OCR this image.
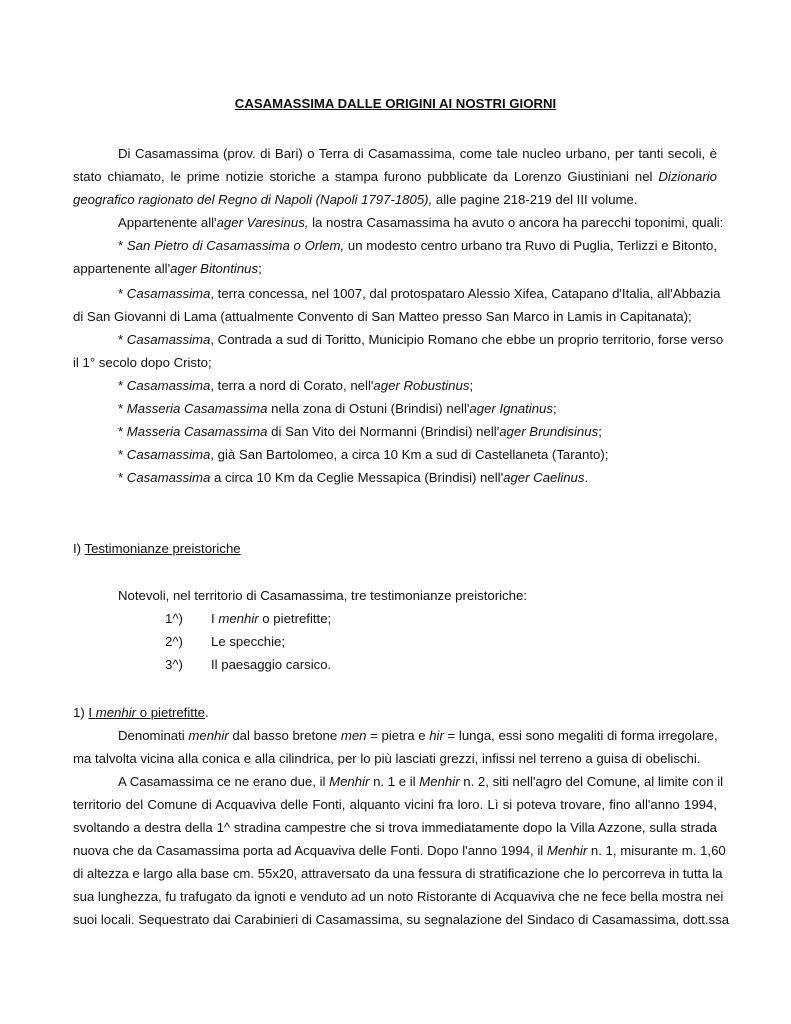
CASAMASSIMA DALLE ORIGINI AI NOSTRI GIORNI
Di Casamassima (prov. di Bari) o Terra di Casamassima, come tale nucleo urbano, per tanti secoli, è
stato chiamato, le prime notizie storiche a stampa furono pubblicate da Lorenzo Giustiniani nel Dizionario
geografico ragionato del Regno di Napoli (Napoli 1797-1805), alle pagine 218-219 del III volume.
Appartenente all'ager Varesinus, la nostra Casamassima ha avuto o ancora ha parecchi toponimi, quali:
* San Pietro di Casamassima o Orlem, un modesto centro urbano tra Ruvo di Puglia, Terlizzi e Bitonto,
appartenente all'ager Bitontinus;
* Casamassima, terra concessa, nel 1007, dal protospataro Alessio Xifea, Catapano d'Italia, all'Abbazia
di San Giovanni di Lama (attualmente Convento di San Matteo presso San Marco in Lamis in Capitanata);
* Casamassima, Contrada a sud di Toritto, Municipio Romano che ebbe un proprio territorio, forse verso
il 1° secolo dopo Cristo;
* Casamassima, terra a nord di Corato, nell'ager Robustinus;
* Masseria Casamassima nella zona di Ostuni (Brindisi) nell'ager Ignatinus;
* Masseria Casamassima di San Vito dei Normanni (Brindisi) nell'ager Brundisinus;
* Casamassima, già San Bartolomeo, a circa 10 Km a sud di Castellaneta (Taranto);
* Casamassima a circa 10 Km da Ceglie Messapica (Brindisi) nell'ager Caelinus.
I) Testimonianze preistoriche
Notevoli, nel territorio di Casamassima, tre testimonianze preistoriche:
1^) I menhir o pietrefitte;
2^) Le specchie;
3^) Il paesaggio carsico.
1) I menhir o pietrefitte.
Denominati menhir dal basso bretone men = pietra e hir = lunga, essi sono megaliti di forma irregolare,
ma talvolta vicina alla conica e alla cilindrica, per lo più lasciati grezzi, infissi nel terreno a guisa di obelischi.
A Casamassima ce ne erano due, il Menhir n. 1 e il Menhir n. 2, siti nell'agro del Comune, al limite con il
territorio del Comune di Acquaviva delle Fonti, alquanto vicini fra loro. Lì si poteva trovare, fino all'anno 1994,
svoltando a destra della 1^ stradina campestre che si trova immediatamente dopo la Villa Azzone, sulla strada
nuova che da Casamassima porta ad Acquaviva delle Fonti. Dopo l'anno 1994, il Menhir n. 1, misurante m. 1,60
di altezza e largo alla base cm. 55x20, attraversato da una fessura di stratificazione che lo percorreva in tutta la
sua lunghezza, fu trafugato da ignoti e venduto ad un noto Ristorante di Acquaviva che ne fece bella mostra nei
suoi locali. Sequestrato dai Carabinieri di Casamassima, su segnalazione del Sindaco di Casamassima, dott.ssa
